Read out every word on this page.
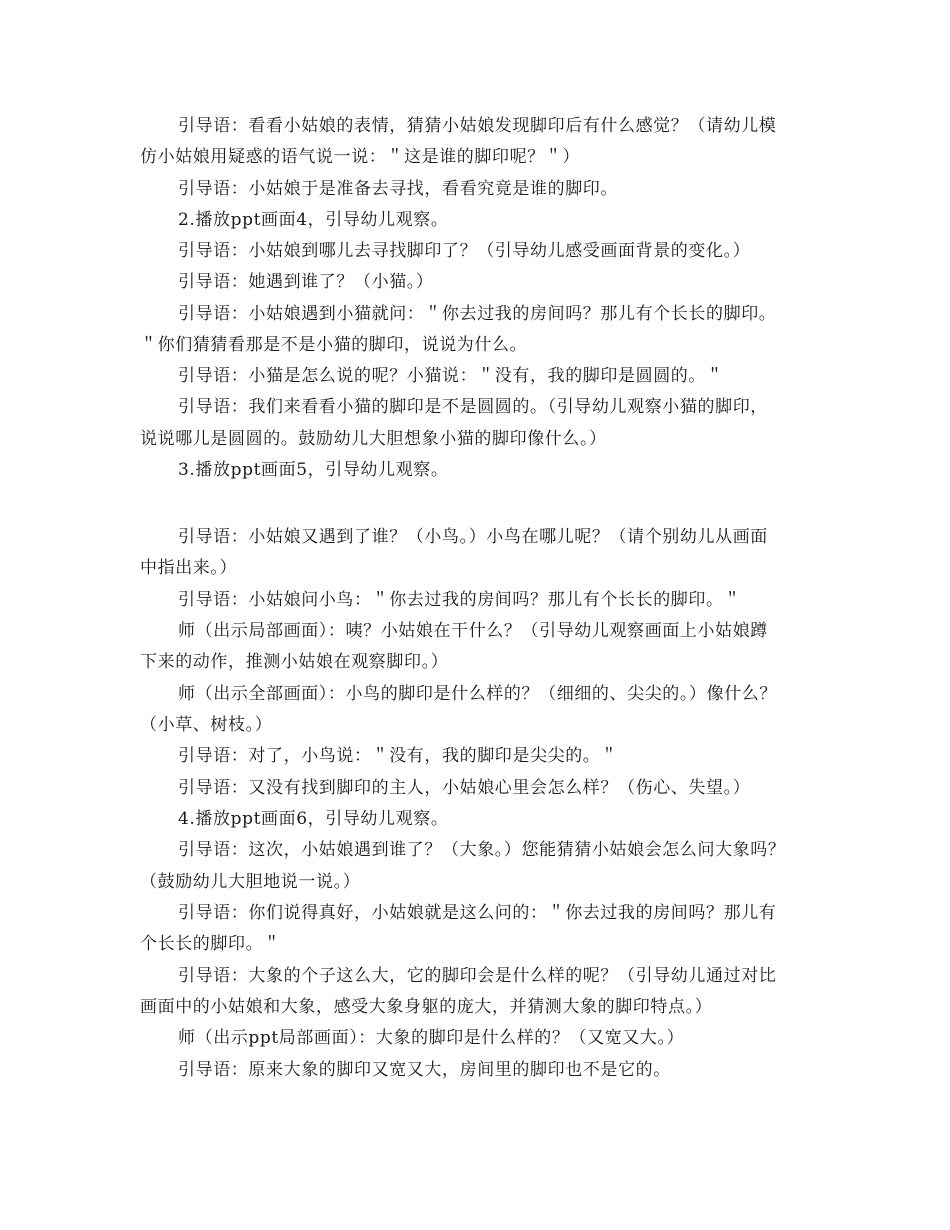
引导语：看看小姑娘的表情，猜猜小姑娘发现脚印后有什么感觉？（请幼儿模
仿小姑娘用疑惑的语气说一说：＂这是谁的脚印呢？＂）
引导语：小姑娘于是准备去寻找，看看究竟是谁的脚印。
2.播放ppt画面4，引导幼儿观察。
引导语：小姑娘到哪儿去寻找脚印了？（引导幼儿感受画面背景的变化。）
引导语：她遇到谁了？（小猫。）
引导语：小姑娘遇到小猫就问：＂你去过我的房间吗？那儿有个长长的脚印。
＂你们猜猜看那是不是小猫的脚印，说说为什么。
引导语：小猫是怎么说的呢？小猫说：＂没有，我的脚印是圆圆的。＂
引导语：我们来看看小猫的脚印是不是圆圆的。（引导幼儿观察小猫的脚印，
说说哪儿是圆圆的。鼓励幼儿大胆想象小猫的脚印像什么。）
3.播放ppt画面5，引导幼儿观察。
引导语：小姑娘又遇到了谁？（小鸟。）小鸟在哪儿呢？（请个别幼儿从画面
中指出来。）
引导语：小姑娘问小鸟：＂你去过我的房间吗？那儿有个长长的脚印。＂
师（出示局部画面）：咦？小姑娘在干什么？（引导幼儿观察画面上小姑娘蹲
下来的动作，推测小姑娘在观察脚印。）
师（出示全部画面）：小鸟的脚印是什么样的？（细细的、尖尖的。）像什么？
（小草、树枝。）
引导语：对了，小鸟说：＂没有，我的脚印是尖尖的。＂
引导语：又没有找到脚印的主人，小姑娘心里会怎么样？（伤心、失望。）
4.播放ppt画面6，引导幼儿观察。
引导语：这次，小姑娘遇到谁了？（大象。）您能猜猜小姑娘会怎么问大象吗？
（鼓励幼儿大胆地说一说。）
引导语：你们说得真好，小姑娘就是这么问的：＂你去过我的房间吗？那儿有
个长长的脚印。＂
引导语：大象的个子这么大，它的脚印会是什么样的呢？（引导幼儿通过对比
画面中的小姑娘和大象，感受大象身躯的庞大，并猜测大象的脚印特点。）
师（出示ppt局部画面）：大象的脚印是什么样的？（又宽又大。）
引导语：原来大象的脚印又宽又大，房间里的脚印也不是它的。
